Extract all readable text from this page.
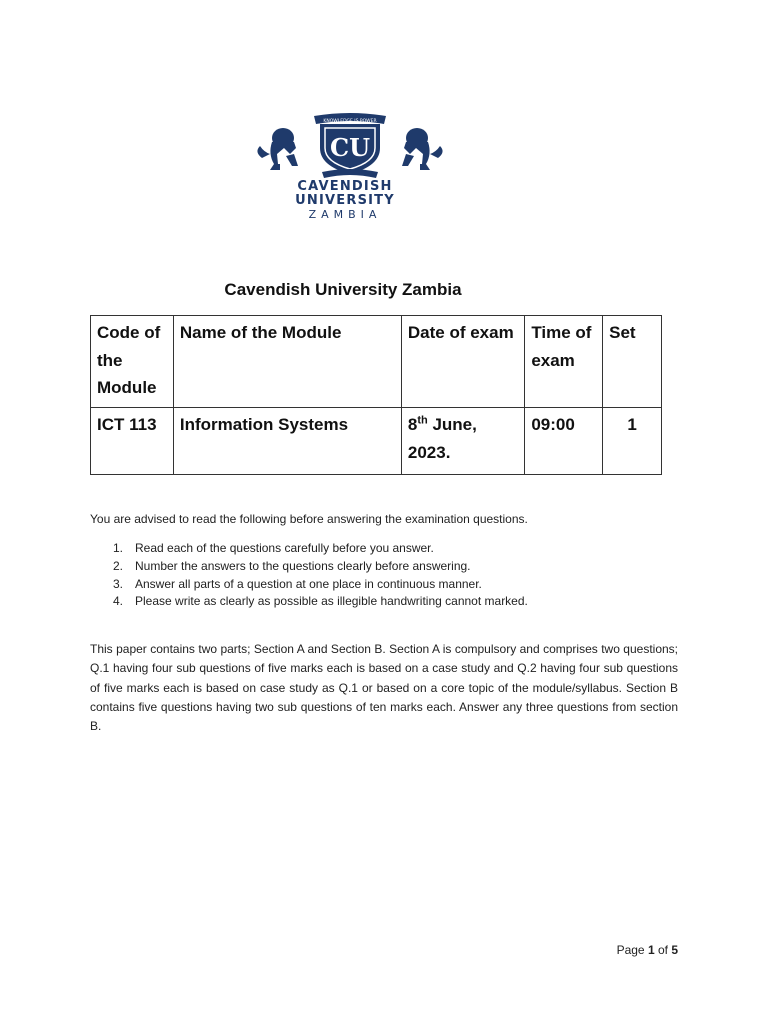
KNOWLEDGE IS POWER
CU
CAVENDISH
UNIVERSITY
ZAMBIA
Cavendish University Zambia
Code of the Module	Name of the Module	Date of exam	Time of exam	Set
ICT 113	Information Systems	8th June, 2023.	09:00	1
You are advised to read the following before answering the examination questions.
1.	Read each of the questions carefully before you answer.
2.	Number the answers to the questions clearly before answering.
3.	Answer all parts of a question at one place in continuous manner.
4.	Please write as clearly as possible as illegible handwriting cannot marked.
This paper contains two parts; Section A and Section B. Section A is compulsory and comprises two questions; Q.1 having four sub questions of five marks each is based on a case study and Q.2 having four sub questions of five marks each is based on case study as Q.1 or based on a core topic of the module/syllabus. Section B contains five questions having two sub questions of ten marks each. Answer any three questions from section B.
Page 1 of 5
